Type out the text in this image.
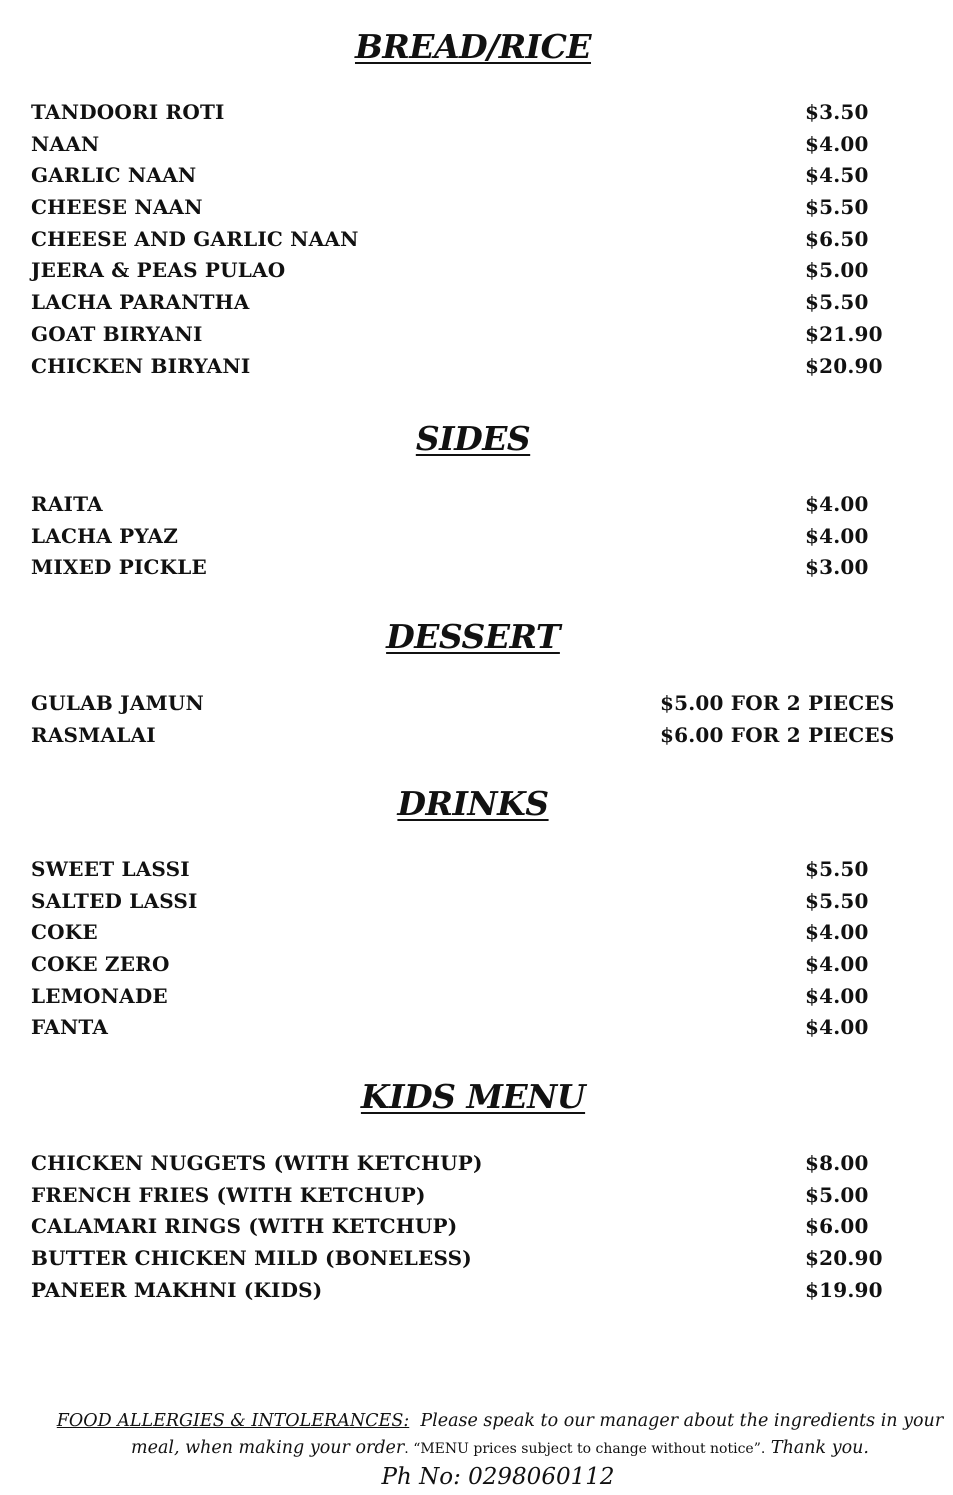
BREAD/RICE
TANDOORI ROTI	$3.50
NAAN	$4.00
GARLIC NAAN	$4.50
CHEESE NAAN	$5.50
CHEESE AND GARLIC NAAN	$6.50
JEERA & PEAS PULAO	$5.00
LACHA PARANTHA	$5.50
GOAT BIRYANI	$21.90
CHICKEN BIRYANI	$20.90
SIDES
RAITA	$4.00
LACHA PYAZ	$4.00
MIXED PICKLE	$3.00
DESSERT
GULAB JAMUN	$5.00 FOR 2 PIECES
RASMALAI	$6.00 FOR 2 PIECES
DRINKS
SWEET LASSI	$5.50
SALTED LASSI	$5.50
COKE	$4.00
COKE ZERO	$4.00
LEMONADE	$4.00
FANTA	$4.00
KIDS MENU
CHICKEN NUGGETS (WITH KETCHUP)	$8.00
FRENCH FRIES (WITH KETCHUP)	$5.00
CALAMARI RINGS (WITH KETCHUP)	$6.00
BUTTER CHICKEN MILD (BONELESS)	$20.90
PANEER MAKHNI (KIDS)	$19.90
FOOD ALLERGIES & INTOLERANCES: Please speak to our manager about the ingredients in your
meal, when making your order. “MENU prices subject to change without notice”. Thank you.
Ph No: 0298060112
